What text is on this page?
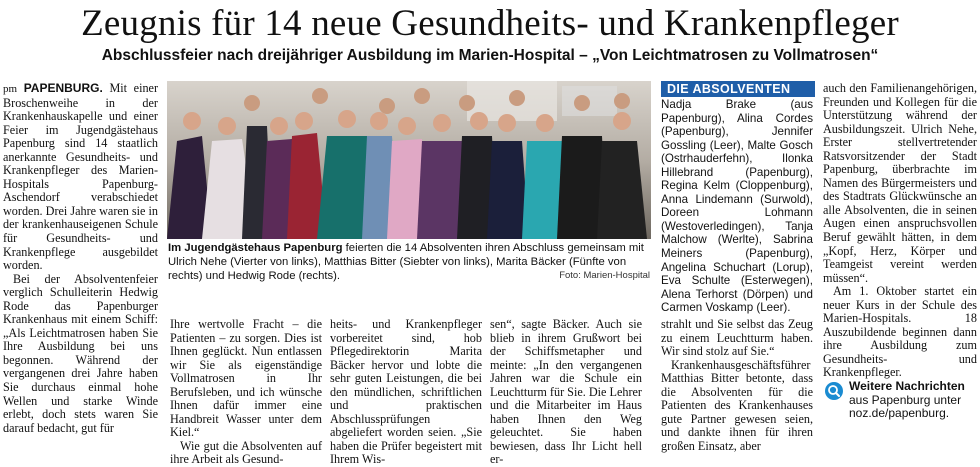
Zeugnis für 14 neue Gesundheits- und Krankenpfleger
Abschlussfeier nach dreijähriger Ausbildung im Marien-Hospital – „Von Leichtmatrosen zu Vollmatrosen“

pm PAPENBURG. Mit einer Broschenweihe in der Krankenhauskapelle und einer Feier im Jugendgästehaus Papenburg sind 14 staatlich anerkannte Gesundheits- und Krankenpfleger des Marien-Hospitals Papenburg-Aschendorf verabschiedet worden. Drei Jahre waren sie in der krankenhauseigenen Schule für Gesundheits- und Krankenpflege ausgebildet worden.

Bei der Absolventenfeier verglich Schulleiterin Hedwig Rode das Papenburger Krankenhaus mit einem Schiff: „Als Leichtmatrosen haben Sie Ihre Ausbildung bei uns begonnen. Während der vergangenen drei Jahre haben Sie durchaus einmal hohe Wellen und starke Winde erlebt, doch stets waren Sie darauf bedacht, gut für

Im Jugendgästehaus Papenburg feierten die 14 Absolventen ihren Abschluss gemeinsam mit Ulrich Nehe (Vierter von links), Matthias Bitter (Siebter von links), Marita Bäcker (Fünfte von rechts) und Hedwig Rode (rechts).	Foto: Marien-Hospital

Ihre wertvolle Fracht – die Patienten – zu sorgen. Dies ist Ihnen geglückt. Nun entlassen wir Sie als eigenständige Vollmatrosen in Ihr Berufsleben, und ich wünsche Ihnen dafür immer eine Handbreit Wasser unter dem Kiel.“

Wie gut die Absolventen auf ihre Arbeit als Gesund-

heits- und Krankenpfleger vorbereitet sind, hob Pflegedirektorin Marita Bäcker hervor und lobte die sehr guten Leistungen, die bei den mündlichen, schriftlichen und praktischen Abschlussprüfungen abgeliefert worden seien. „Sie haben die Prüfer begeistert mit Ihrem Wis-

sen“, sagte Bäcker. Auch sie blieb in ihrem Grußwort bei der Schiffsmetapher und meinte: „In den vergangenen Jahren war die Schule ein Leuchtturm für Sie. Die Lehrer und die Mitarbeiter im Haus haben Ihnen den Weg geleuchtet. Sie haben bewiesen, dass Ihr Licht hell er-

DIE ABSOLVENTEN

Nadja Brake (aus Papenburg), Alina Cordes (Papenburg), Jennifer Gossling (Leer), Malte Gosch (Ostrhauderfehn), Ilonka Hillebrand (Papenburg), Regina Kelm (Cloppenburg), Anna Lindemann (Surwold), Doreen Lohmann (Westoverledingen), Tanja Malchow (Werlte), Sabrina Meiners (Papenburg), Angelina Schuchart (Lorup), Eva Schulte (Esterwegen), Alena Terhorst (Dörpen) und Carmen Voskamp (Leer).

strahlt und Sie selbst das Zeug zu einem Leuchtturm haben. Wir sind stolz auf Sie.“

Krankenhausgeschäftsführer Matthias Bitter betonte, dass die Absolventen für die Patienten des Krankenhauses gute Partner gewesen seien, und dankte ihnen für ihren großen Einsatz, aber

auch den Familienangehörigen, Freunden und Kollegen für die Unterstützung während der Ausbildungszeit. Ulrich Nehe, Erster stellvertretender Ratsvorsitzender der Stadt Papenburg, überbrachte im Namen des Bürgermeisters und des Stadtrats Glückwünsche an alle Absolventen, die in seinen Augen einen anspruchsvollen Beruf gewählt hätten, in dem „Kopf, Herz, Körper und Teamgeist vereint werden müssen“.

Am 1. Oktober startet ein neuer Kurs in der Schule des Marien-Hospitals. 18 Auszubildende beginnen dann ihre Ausbildung zum Gesundheits- und Krankenpfleger.

Weitere Nachrichten
aus Papenburg unter noz.de/papenburg.
